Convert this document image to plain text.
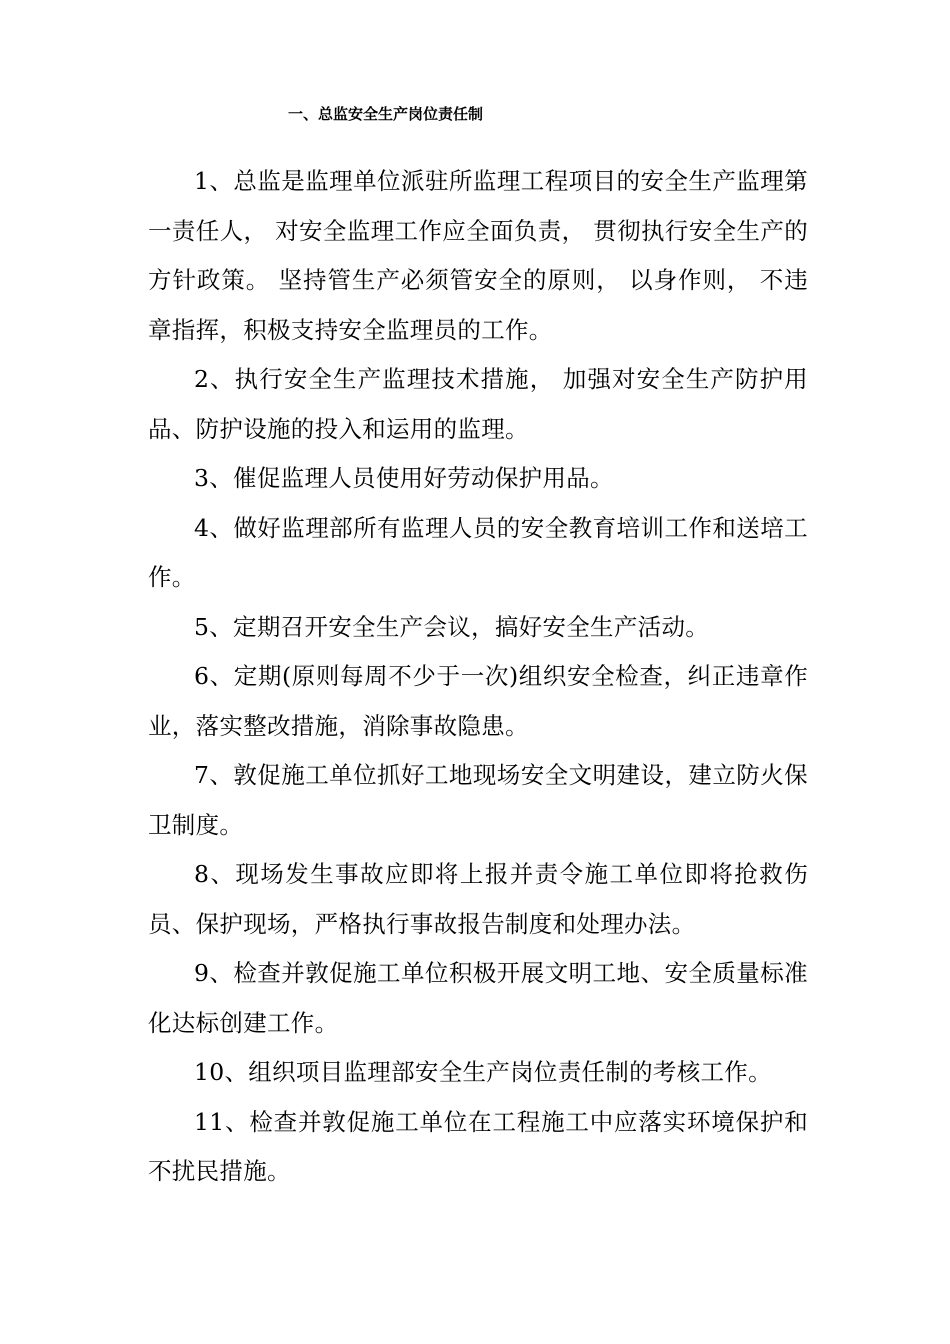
一、总监安全生产岗位责任制

1、总监是监理单位派驻所监理工程项目的安全生产监理第一责任人， 对安全监理工作应全面负责， 贯彻执行安全生产的方针政策。 坚持管生产必须管安全的原则， 以身作则， 不违章指挥，积极支持安全监理员的工作。

2、执行安全生产监理技术措施， 加强对安全生产防护用品、防护设施的投入和运用的监理。

3、催促监理人员使用好劳动保护用品。

4、做好监理部所有监理人员的安全教育培训工作和送培工作。

5、定期召开安全生产会议，搞好安全生产活动。

6、定期(原则每周不少于一次)组织安全检查，纠正违章作业，落实整改措施，消除事故隐患。

7、敦促施工单位抓好工地现场安全文明建设，建立防火保卫制度。

8、现场发生事故应即将上报并责令施工单位即将抢救伤员、保护现场，严格执行事故报告制度和处理办法。

9、检查并敦促施工单位积极开展文明工地、安全质量标准化达标创建工作。

10、组织项目监理部安全生产岗位责任制的考核工作。

11、检查并敦促施工单位在工程施工中应落实环境保护和不扰民措施。
